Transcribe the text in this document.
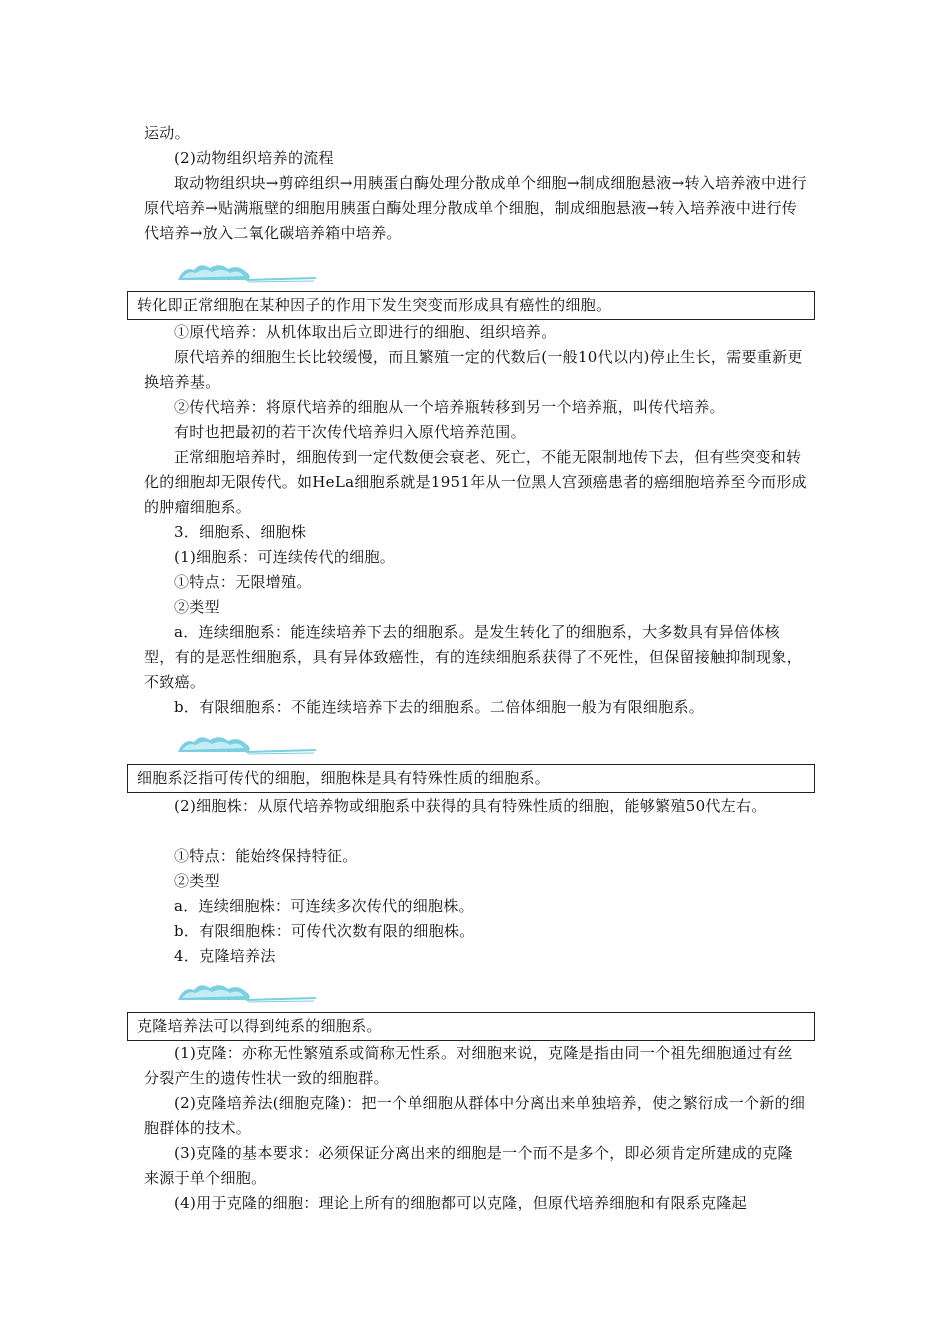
运动。

(2)动物组织培养的流程

取动物组织块→剪碎组织→用胰蛋白酶处理分散成单个细胞→制成细胞悬液→转入培养液中进行原代培养→贴满瓶壁的细胞用胰蛋白酶处理分散成单个细胞，制成细胞悬液→转入培养液中进行传代培养→放入二氧化碳培养箱中培养。

转化即正常细胞在某种因子的作用下发生突变而形成具有癌性的细胞。

①原代培养：从机体取出后立即进行的细胞、组织培养。

原代培养的细胞生长比较缓慢，而且繁殖一定的代数后(一般10代以内)停止生长，需要重新更换培养基。

②传代培养：将原代培养的细胞从一个培养瓶转移到另一个培养瓶，叫传代培养。

有时也把最初的若干次传代培养归入原代培养范围。

正常细胞培养时，细胞传到一定代数便会衰老、死亡，不能无限制地传下去，但有些突变和转化的细胞却无限传代。如HeLa细胞系就是1951年从一位黑人宫颈癌患者的癌细胞培养至今而形成的肿瘤细胞系。

3．细胞系、细胞株

(1)细胞系：可连续传代的细胞。

①特点：无限增殖。

②类型

a．连续细胞系：能连续培养下去的细胞系。是发生转化了的细胞系，大多数具有异倍体核型，有的是恶性细胞系，具有异体致癌性，有的连续细胞系获得了不死性，但保留接触抑制现象，不致癌。

b．有限细胞系：不能连续培养下去的细胞系。二倍体细胞一般为有限细胞系。

细胞系泛指可传代的细胞，细胞株是具有特殊性质的细胞系。

(2)细胞株：从原代培养物或细胞系中获得的具有特殊性质的细胞，能够繁殖50代左右。

①特点：能始终保持特征。

②类型

a．连续细胞株：可连续多次传代的细胞株。

b．有限细胞株：可传代次数有限的细胞株。

4．克隆培养法

克隆培养法可以得到纯系的细胞系。

(1)克隆：亦称无性繁殖系或简称无性系。对细胞来说，克隆是指由同一个祖先细胞通过有丝分裂产生的遗传性状一致的细胞群。

(2)克隆培养法(细胞克隆)：把一个单细胞从群体中分离出来单独培养，使之繁衍成一个新的细胞群体的技术。

(3)克隆的基本要求：必须保证分离出来的细胞是一个而不是多个，即必须肯定所建成的克隆来源于单个细胞。

(4)用于克隆的细胞：理论上所有的细胞都可以克隆，但原代培养细胞和有限系克隆起
